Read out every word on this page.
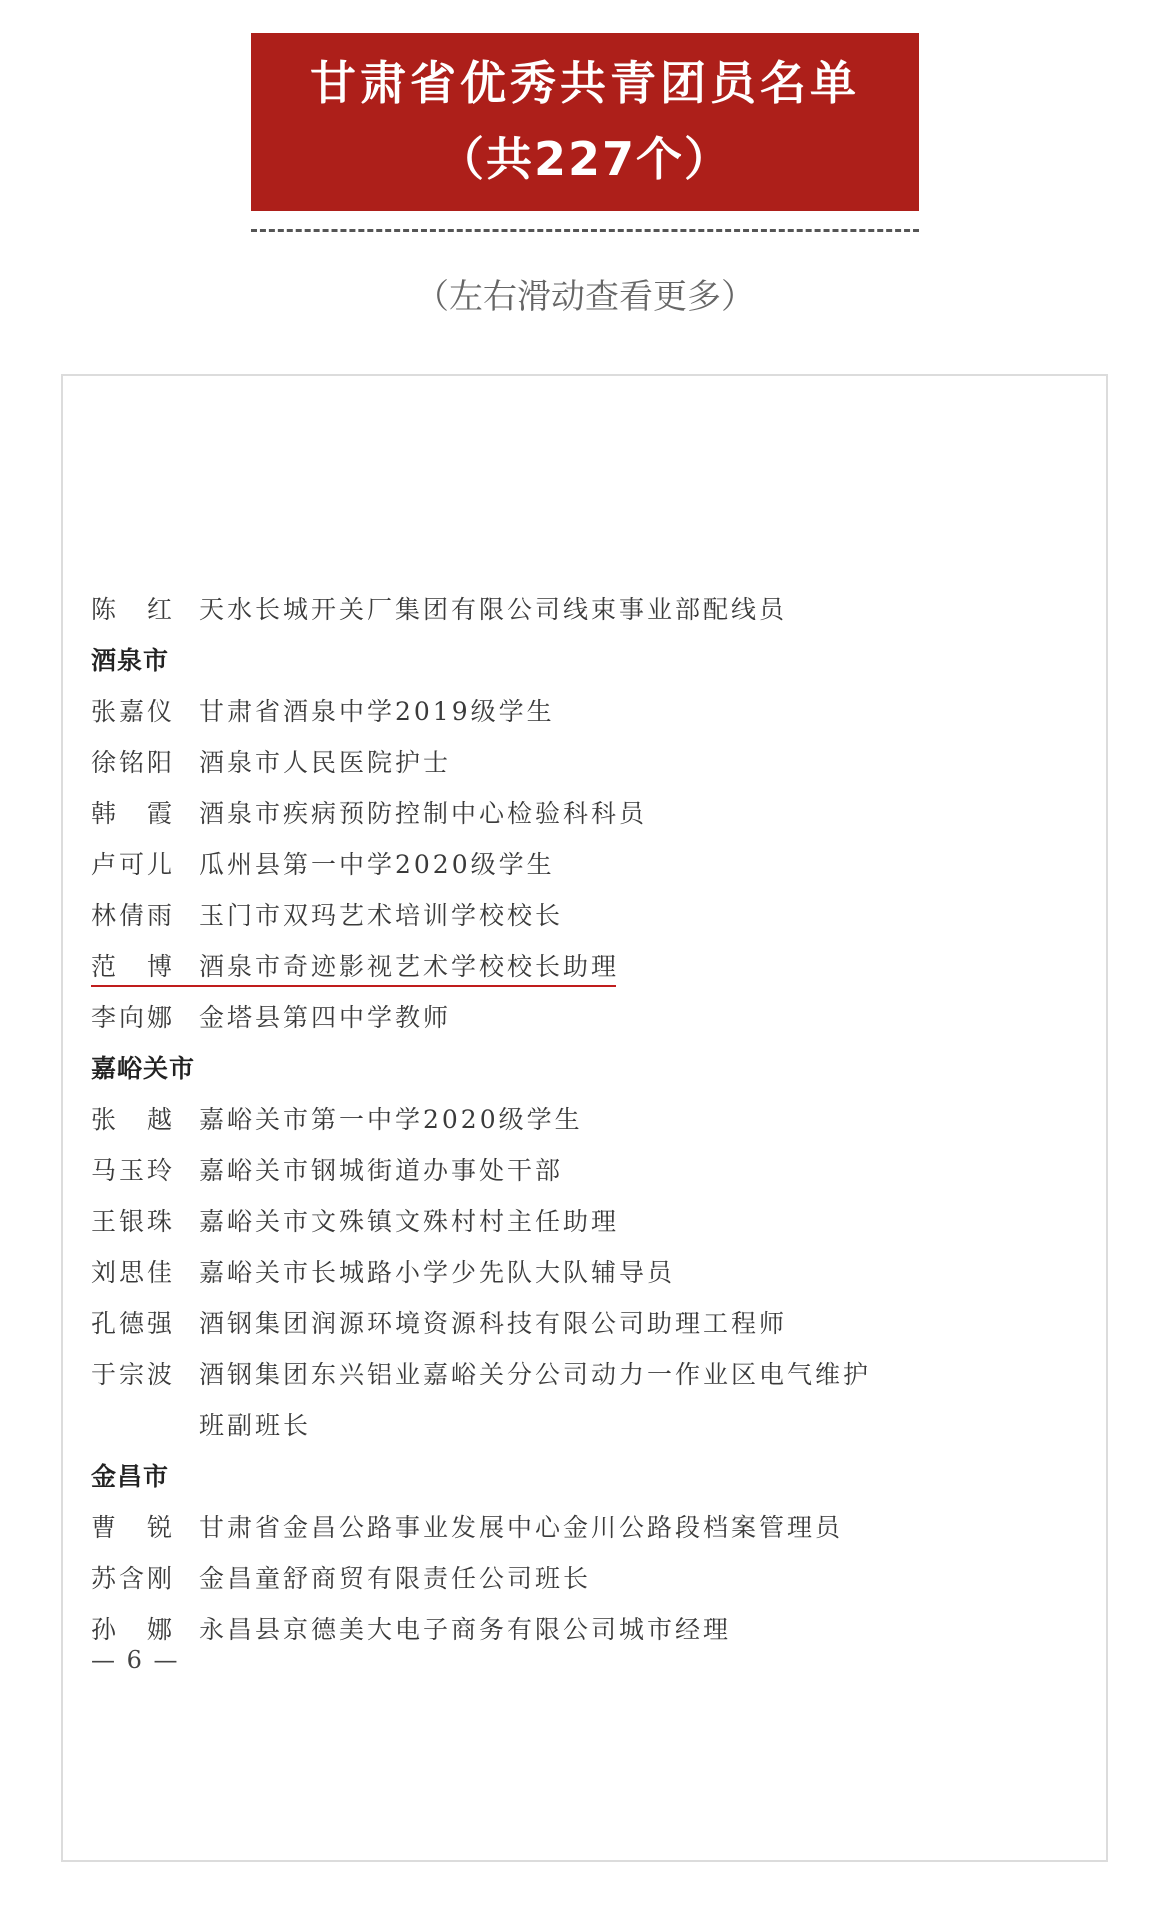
甘肃省优秀共青团员名单
（共227个）
（左右滑动查看更多）
陈　红 天水长城开关厂集团有限公司线束事业部配线员
酒泉市
张嘉仪 甘肃省酒泉中学2019级学生
徐铭阳 酒泉市人民医院护士
韩　霞 酒泉市疾病预防控制中心检验科科员
卢可儿 瓜州县第一中学2020级学生
林倩雨 玉门市双玛艺术培训学校校长
范　博 酒泉市奇迹影视艺术学校校长助理
李向娜 金塔县第四中学教师
嘉峪关市
张　越 嘉峪关市第一中学2020级学生
马玉玲 嘉峪关市钢城街道办事处干部
王银珠 嘉峪关市文殊镇文殊村村主任助理
刘思佳 嘉峪关市长城路小学少先队大队辅导员
孔德强 酒钢集团润源环境资源科技有限公司助理工程师
于宗波 酒钢集团东兴铝业嘉峪关分公司动力一作业区电气维护
班副班长
金昌市
曹　锐 甘肃省金昌公路事业发展中心金川公路段档案管理员
苏含刚 金昌童舒商贸有限责任公司班长
孙　娜 永昌县京德美大电子商务有限公司城市经理
— 6 —
